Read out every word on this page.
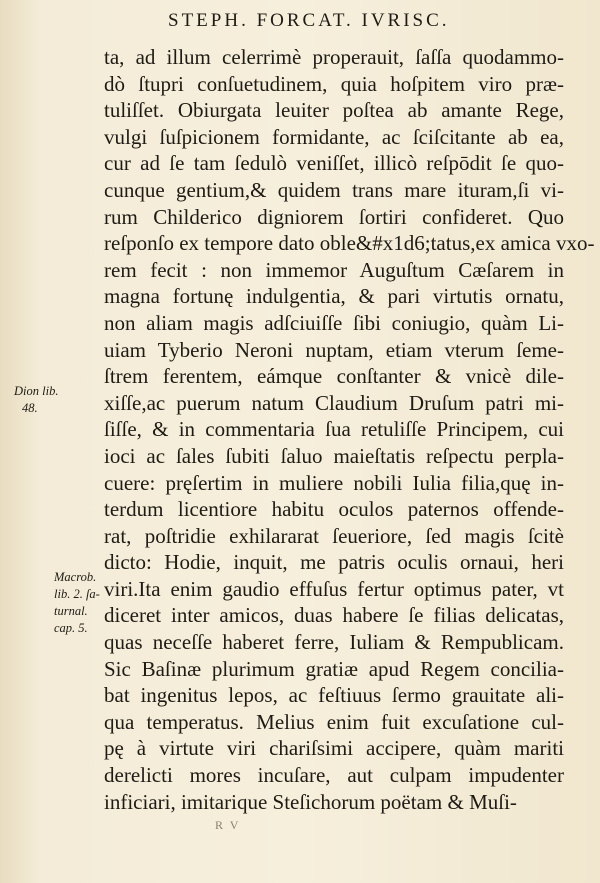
STEPH. FORCAT. IVRISC.
ta, ad illum celerrimè properauit, ſaſſa quodammo-
dò ſtupri conſuetudinem, quia hoſpitem viro præ-
tuliſſet. Obiurgata leuiter poſtea ab amante Rege,
vulgi ſuſpicionem formidante, ac ſciſcitante ab ea,
cur ad ſe tam ſedulò veniſſet, illicò reſpōdit ſe quo-
cunque gentium,& quidem trans mare ituram,ſi vi-
rum Childerico digniorem ſortiri confideret. Quo
reſponſo ex tempore dato oble&#x1d6;tatus,ex amica vxo-
rem fecit : non immemor Auguſtum Cæſarem in
magna fortunę indulgentia, & pari virtutis ornatu,
non aliam magis adſciuiſſe ſibi coniugio, quàm Li-
uiam Tyberio Neroni nuptam, etiam vterum ſeme-
ſtrem ferentem, eámque conſtanter & vnicè dile-
xiſſe,ac puerum natum Claudium Druſum patri mi-
ſiſſe, & in commentaria ſua retuliſſe Principem, cui
ioci ac ſales ſubiti ſaluo maieſtatis reſpectu perpla-
cuere: pręſertim in muliere nobili Iulia filia,quę in-
terdum licentiore habitu oculos paternos offende-
rat, poſtridie exhilararat ſeueriore, ſed magis ſcitè
dicto: Hodie, inquit, me patris oculis ornaui, heri
viri.Ita enim gaudio effuſus fertur optimus pater, vt
diceret inter amicos, duas habere ſe filias delicatas,
quas neceſſe haberet ferre, Iuliam & Rempublicam.
Sic Baſinæ plurimum gratiæ apud Regem concilia-
bat ingenitus lepos, ac feſtiuus ſermo grauitate ali-
qua temperatus. Melius enim fuit excuſatione cul-
pę à virtute viri chariſsimi accipere, quàm mariti
derelicti mores incuſare, aut culpam impudenter
inficiari, imitarique Steſichorum poëtam & Muſi-
Dion lib.
48.
Macrob.
lib. 2. ſa-
turnal.
cap. 5.
R V
